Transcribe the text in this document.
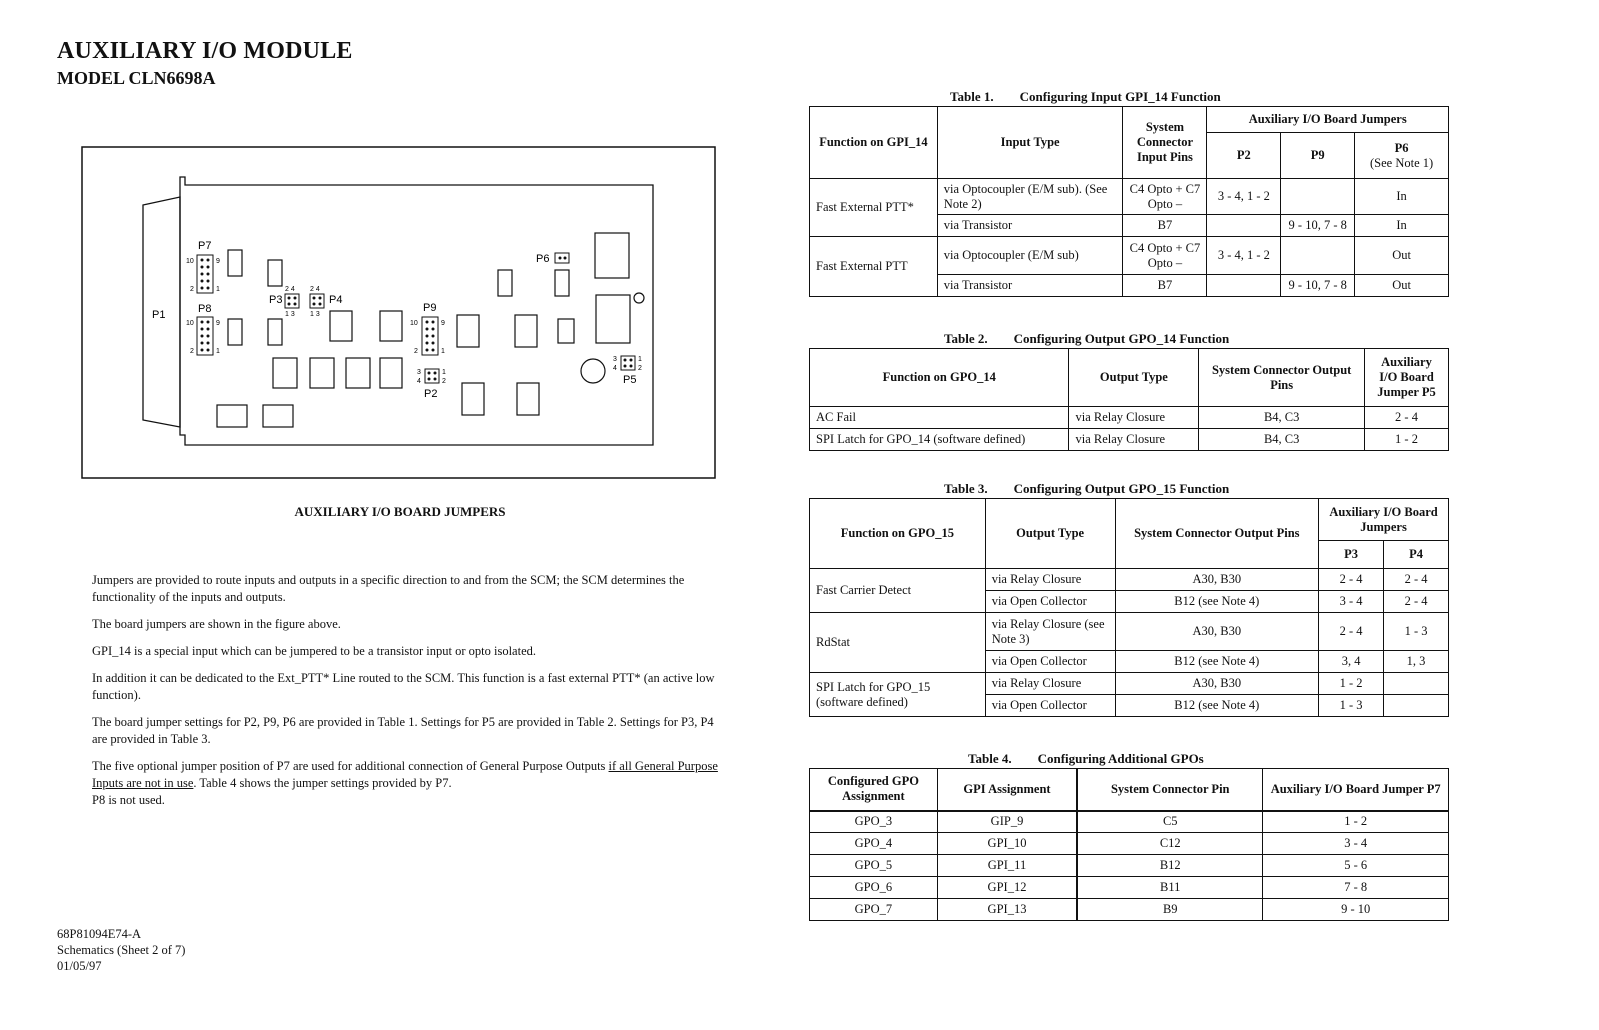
AUXILIARY I/O MODULE
MODEL CLN6698A
P1
P7
10	9
2	1
P8
10	9
2	1
2 4 2 4
P3
1 3
P4
1 3
P9
10	9
2	1
3
4
1
2
P2
P6
3
4
1
2
P5
AUXILIARY I/O BOARD JUMPERS

Jumpers are provided to route inputs and outputs in a specific direction to and from the SCM; the SCM determines the functionality of the inputs and outputs.

The board jumpers are shown in the figure above.

GPI_14 is a special input which can be jumpered to be a transistor input or opto isolated.

In addition it can be dedicated to the Ext_PTT* Line routed to the SCM. This function is a fast external PTT* (an active low function).

The board jumper settings for P2, P9, P6 are provided in Table 1. Settings for P5 are provided in Table 2. Settings for P3, P4 are provided in Table 3.

The five optional jumper position of P7 are used for additional connection of General Purpose Outputs if all General Purpose Inputs are not in use. Table 4 shows the jumper settings provided by P7.

P8 is not used.

68P81094E74-A
Schematics (Sheet 2 of 7)
01/05/97
Table 1. Configuring Input GPI_14 Function
Function on GPI_14	Input Type	System Connector Input Pins	Auxiliary I/O Board Jumpers		
			P2	P9	P6
(See Note 1)
Fast External PTT*	via Optocoupler (E/M sub). (See Note 2)	C4 Opto + C7 Opto –	3 - 4, 1 - 2		In
	via Transistor	B7		9 - 10, 7 - 8	In
Fast External PTT	via Optocoupler (E/M sub)	C4 Opto + C7 Opto –	3 - 4, 1 - 2		Out
	via Transistor	B7		9 - 10, 7 - 8	Out
Table 2. Configuring Output GPO_14 Function
Function on GPO_14	Output Type	System Connector Output Pins	Auxiliary I/O Board Jumper P5
AC Fail	via Relay Closure	B4, C3	2 - 4
SPI Latch for GPO_14 (software defined)	via Relay Closure	B4, C3	1 - 2
Table 3. Configuring Output GPO_15 Function
Function on GPO_15	Output Type	System Connector Output Pins	Auxiliary I/O Board Jumpers	
			P3	P4
Fast Carrier Detect	via Relay Closure	A30, B30	2 - 4	2 - 4
	via Open Collector	B12 (see Note 4)	3 - 4	2 - 4
RdStat	via Relay Closure (see Note 3)	A30, B30	2 - 4	1 - 3
	via Open Collector	B12 (see Note 4)	3, 4	1, 3
SPI Latch for GPO_15 (software defined)	via Relay Closure	A30, B30	1 - 2	
	via Open Collector	B12 (see Note 4)	1 - 3	
Table 4. Configuring Additional GPOs
Configured GPO Assignment	GPI Assignment	System Connector Pin	Auxiliary I/O Board Jumper P7
GPO_3	GIP_9	C5	1 - 2
GPO_4	GPI_10	C12	3 - 4
GPO_5	GPI_11	B12	5 - 6
GPO_6	GPI_12	B11	7 - 8
GPO_7	GPI_13	B9	9 - 10
